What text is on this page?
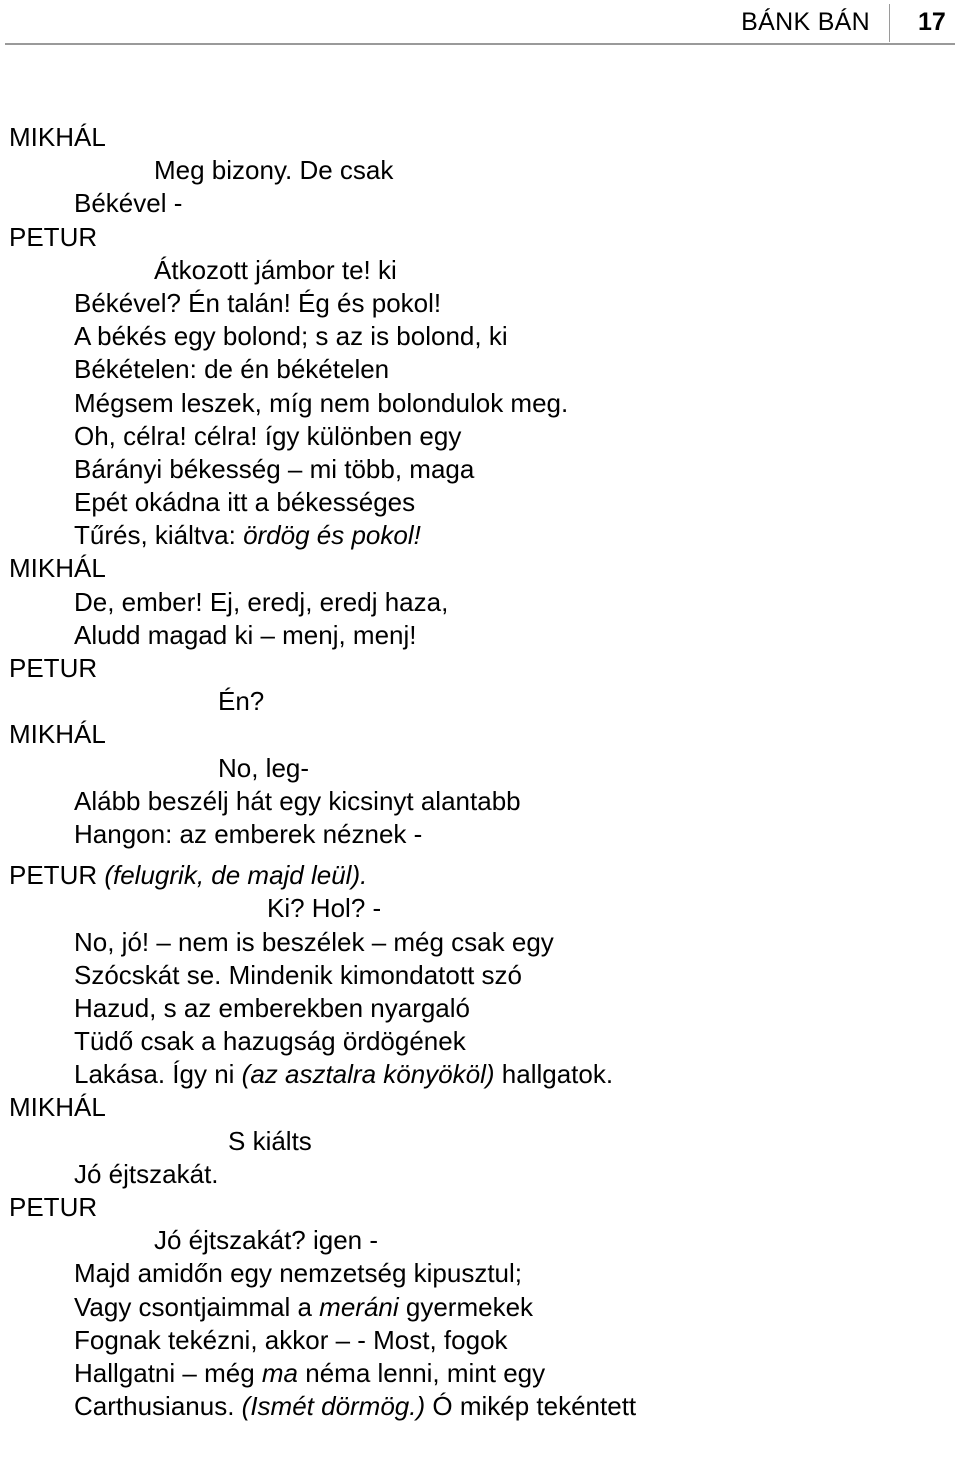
BÁNK BÁN 17
MIKHÁL
Meg bizony. De csak
Békével -
PETUR
Átkozott jámbor te! ki
Békével? Én talán! Ég és pokol!
A békés egy bolond; s az is bolond, ki
Békételen: de én békételen
Mégsem leszek, míg nem bolondulok meg.
Oh, célra! célra! így különben egy
Bárányi békesség – mi több, maga
Epét okádna itt a békességes
Tűrés, kiáltva: ördög és pokol!
MIKHÁL
De, ember! Ej, eredj, eredj haza,
Aludd magad ki – menj, menj!
PETUR
Én?
MIKHÁL
No, leg-
Alább beszélj hát egy kicsinyt alantabb
Hangon: az emberek néznek -
PETUR (felugrik, de majd leül).
Ki? Hol? -
No, jó! – nem is beszélek – még csak egy
Szócskát se. Mindenik kimondatott szó
Hazud, s az emberekben nyargaló
Tüdő csak a hazugság ördögének
Lakása. Így ni (az asztalra könyököl) hallgatok.
MIKHÁL
S kiálts
Jó éjtszakát.
PETUR
Jó éjtszakát? igen -
Majd amidőn egy nemzetség kipusztul;
Vagy csontjaimmal a meráni gyermekek
Fognak tekézni, akkor – - Most, fogok
Hallgatni – még ma néma lenni, mint egy
Carthusianus. (Ismét dörmög.) Ó mikép tekéntett
